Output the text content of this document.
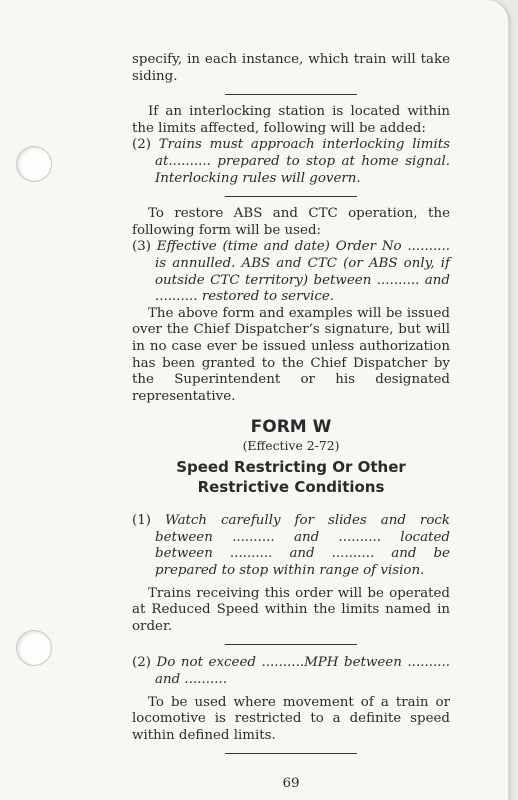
specify, in each instance, which train will take siding.

If an interlocking station is located within the limits affected, following will be added:

(2) Trains must approach interlocking limits at.......... prepared to stop at home signal. Interlocking rules will govern.

To restore ABS and CTC operation, the following form will be used:

(3) Effective (time and date) Order No .......... is annulled. ABS and CTC (or ABS only, if outside CTC territory) between .......... and .......... restored to service.

The above form and examples will be issued over the Chief Dispatcher’s signature, but will in no case ever be issued unless authorization has been granted to the Chief Dispatcher by the Superintendent or his designated representative.

FORM W
(Effective 2-72)
Speed Restricting Or Other
Restrictive Conditions

(1) Watch carefully for slides and rock between .......... and .......... located between .......... and .......... and be prepared to stop within range of vision.

Trains receiving this order will be operated at Reduced Speed within the limits named in order.

(2) Do not exceed ..........MPH between .......... and ..........

To be used where movement of a train or locomotive is restricted to a definite speed within defined limits.

69
